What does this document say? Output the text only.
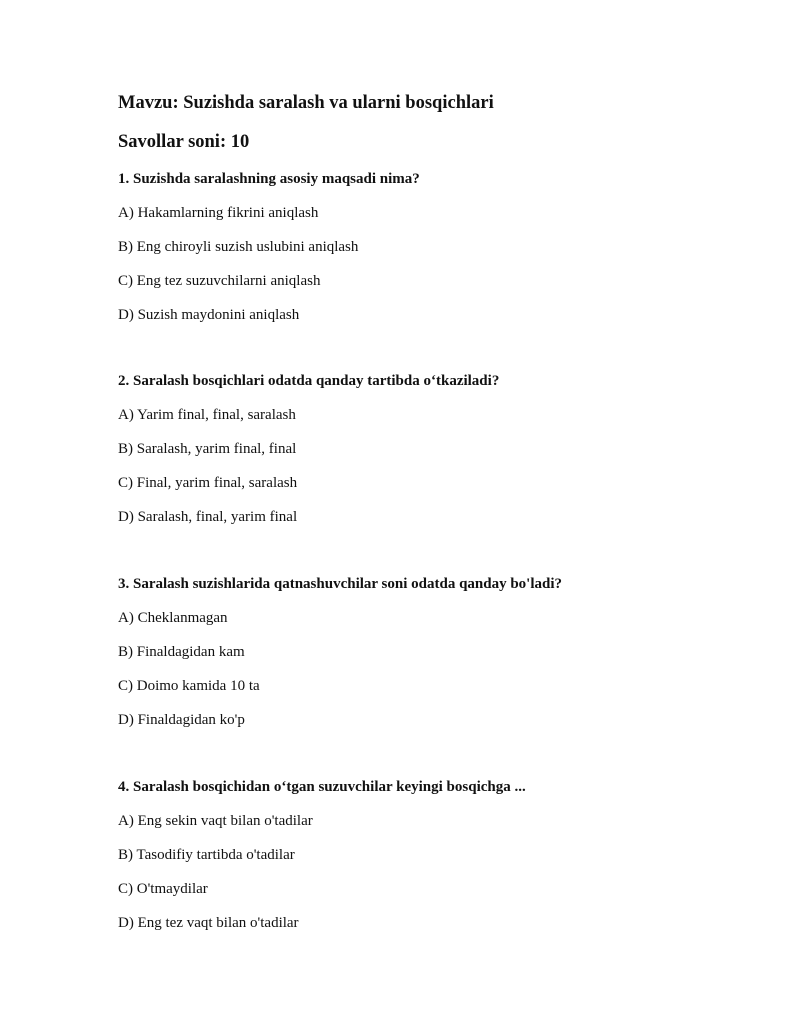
Mavzu: Suzishda saralash va ularni bosqichlari
Savollar soni: 10
1. Suzishda saralashning asosiy maqsadi nima?
A) Hakamlarning fikrini aniqlash
B) Eng chiroyli suzish uslubini aniqlash
C) Eng tez suzuvchilarni aniqlash
D) Suzish maydonini aniqlash
2. Saralash bosqichlari odatda qanday tartibda oʻtkaziladi?
A) Yarim final, final, saralash
B) Saralash, yarim final, final
C) Final, yarim final, saralash
D) Saralash, final, yarim final
3. Saralash suzishlarida qatnashuvchilar soni odatda qanday bo'ladi?
A) Cheklanmagan
B) Finaldagidan kam
C) Doimo kamida 10 ta
D) Finaldagidan ko'p
4. Saralash bosqichidan oʻtgan suzuvchilar keyingi bosqichga ...
A) Eng sekin vaqt bilan o'tadilar
B) Tasodifiy tartibda o'tadilar
C) O'tmaydilar
D) Eng tez vaqt bilan o'tadilar
